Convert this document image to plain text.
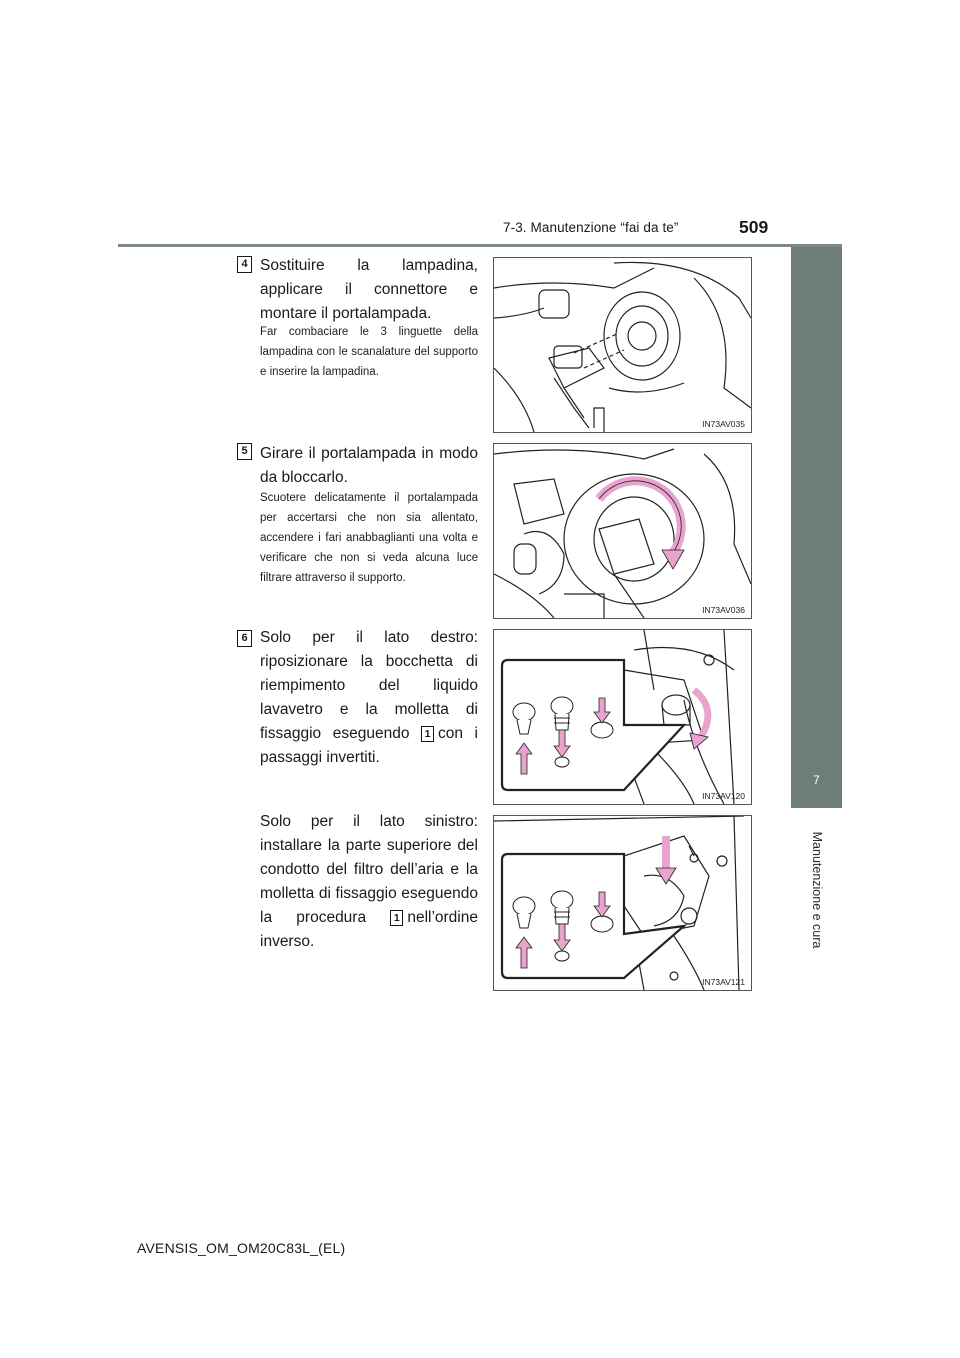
7-3. Manutenzione “fai da te”	509
7
Manutenzione e cura
4 Sostituire la lampadina, applicare il connettore e montare il portalampada.
Far combaciare le 3 linguette della lampadina con le scanalature del supporto e inserire la lampadina.
IN73AV035
5 Girare il portalampada in modo da bloccarlo.
Scuotere delicatamente il portalampada per accertarsi che non sia allentato, accendere i fari anabbaglianti una volta e verificare che non si veda alcuna luce filtrare attraverso il supporto.
IN73AV036
6 Solo per il lato destro: riposizionare la bocchetta di riempimento del liquido lavavetro e la molletta di fissaggio eseguendo 1 con i passaggi invertiti.
IN73AV120
Solo per il lato sinistro: installare la parte superiore del condotto del filtro dell’aria e la molletta di fissaggio eseguendo la procedura	1 nell’ordine inverso.
IN73AV121
AVENSIS_OM_OM20C83L_(EL)
